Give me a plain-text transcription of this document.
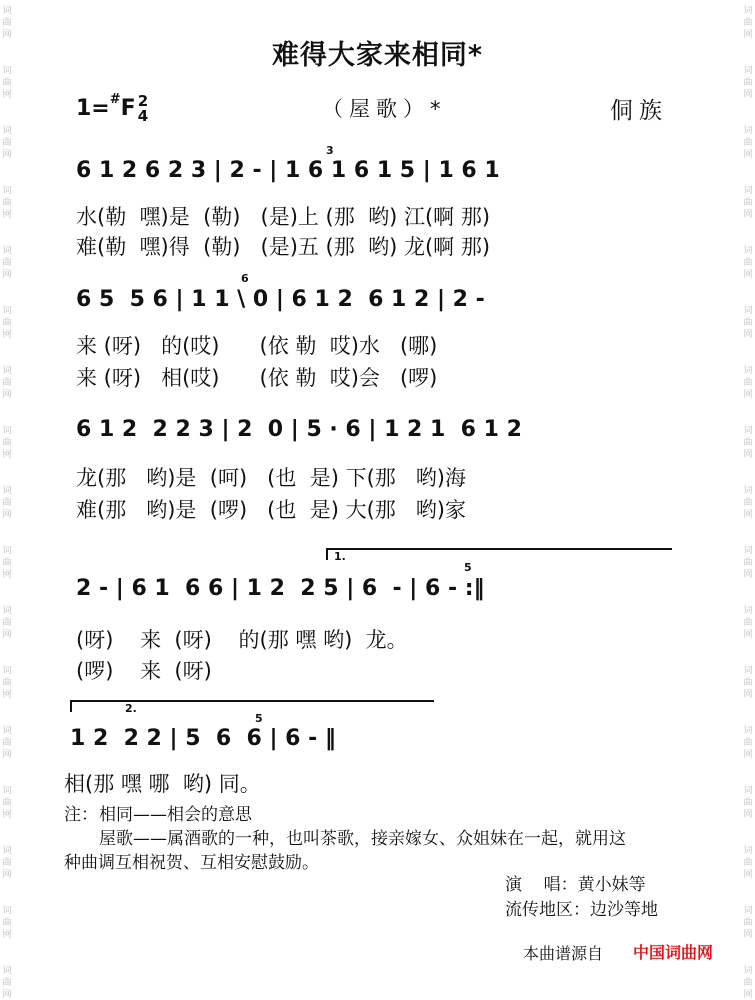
词
曲
网
词
曲
网
词
曲
网
词
曲
网
词
曲
网
词
曲
网
词
曲
网
词
曲
网
词
曲
网
词
曲
网
词
曲
网
词
曲
网
词
曲
网
词
曲
网
词
曲
网
词
曲
网
词
曲
网
词
曲
网
词
曲
网
词
曲
网
词
曲
网
词
曲
网
词
曲
网
词
曲
网
词
曲
网
词
曲
网
词
曲
网
词
曲
网
词
曲
网
词
曲
网
词
曲
网
词
曲
网
词
曲
网
词
曲
网
难得大家来相同*
1=#F 2
4	（屋歌）*	侗族
6 1 2 6 2 3 | 2 - | 1 6 1 6 1 5 | 1 6 1
3
水(勒  嘿)是  (勒)   (是)上 (那  哟) 江(啊 那)
难(勒  嘿)得  (勒)   (是)五 (那  哟) 龙(啊 那)
6 5  5 6 | 1 1 \ 0 | 6 1 2  6 1 2 | 2 -
6
来 (呀)   的(哎)      (依 勒  哎)水   (哪)
来 (呀)   相(哎)      (依 勒  哎)会   (啰)
6 1 2  2 2 3 | 2  0 | 5 · 6 | 1 2 1  6 1 2
龙(那   哟)是  (呵)   (也  是) 下(那   哟)海
难(那   哟)是  (啰)   (也  是) 大(那   哟)家
1.
5
2 - | 6 1  6 6 | 1 2  2 5 | 6  - | 6 - :‖
(呀)    来  (呀)    的(那 嘿 哟)  龙。
(啰)    来  (呀)
2.
5
1 2  2 2 | 5  6  6 | 6 - ‖
相(那 嘿 哪  哟) 同。
注： 相同——相会的意思
屋歌——属酒歌的一种，也叫茶歌，接亲嫁女、众姐妹在一起，就用这
种曲调互相祝贺、互相安慰鼓励。
演    唱：黄小妹等
流传地区：边沙等地
本曲谱源自 中国词曲网
